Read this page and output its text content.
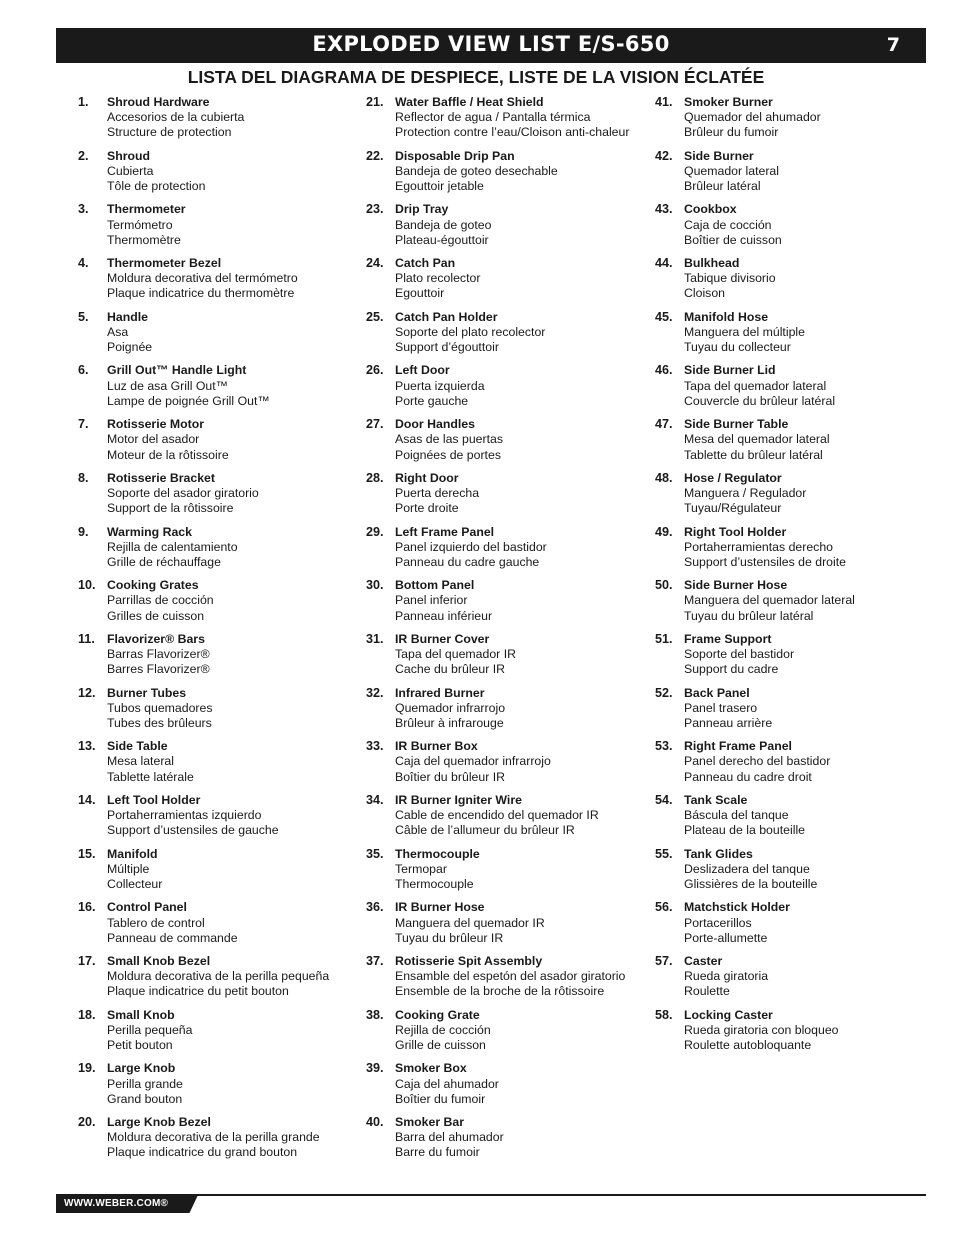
EXPLODED VIEW LIST E/S-650	7
LISTA DEL DIAGRAMA DE DESPIECE, LISTE DE LA VISION ÉCLATÉE
1. Shroud Hardware
Accesorios de la cubierta
Structure de protection
2. Shroud
Cubierta
Tôle de protection
3. Thermometer
Termómetro
Thermomètre
4. Thermometer Bezel
Moldura decorativa del termómetro
Plaque indicatrice du thermomètre
5. Handle
Asa
Poignée
6. Grill Out™ Handle Light
Luz de asa Grill Out™
Lampe de poignée Grill Out™
7. Rotisserie Motor
Motor del asador
Moteur de la rôtissoire
8. Rotisserie Bracket
Soporte del asador giratorio
Support de la rôtissoire
9. Warming Rack
Rejilla de calentamiento
Grille de réchauffage
10. Cooking Grates
Parrillas de cocción
Grilles de cuisson
11. Flavorizer® Bars
Barras Flavorizer®
Barres Flavorizer®
12. Burner Tubes
Tubos quemadores
Tubes des brûleurs
13. Side Table
Mesa lateral
Tablette latérale
14. Left Tool Holder
Portaherramientas izquierdo
Support d’ustensiles de gauche
15. Manifold
Múltiple
Collecteur
16. Control Panel
Tablero de control
Panneau de commande
17. Small Knob Bezel
Moldura decorativa de la perilla pequeña
Plaque indicatrice du petit bouton
18. Small Knob
Perilla pequeña
Petit bouton
19. Large Knob
Perilla grande
Grand bouton
20. Large Knob Bezel
Moldura decorativa de la perilla grande
Plaque indicatrice du grand bouton
21. Water Baffle / Heat Shield
Reflector de agua / Pantalla térmica
Protection contre l’eau/Cloison anti-chaleur
22. Disposable Drip Pan
Bandeja de goteo desechable
Egouttoir jetable
23. Drip Tray
Bandeja de goteo
Plateau-égouttoir
24. Catch Pan
Plato recolector
Egouttoir
25. Catch Pan Holder
Soporte del plato recolector
Support d’égouttoir
26. Left Door
Puerta izquierda
Porte gauche
27. Door Handles
Asas de las puertas
Poignées de portes
28. Right Door
Puerta derecha
Porte droite
29. Left Frame Panel
Panel izquierdo del bastidor
Panneau du cadre gauche
30. Bottom Panel
Panel inferior
Panneau inférieur
31. IR Burner Cover
Tapa del quemador IR
Cache du brûleur IR
32. Infrared Burner
Quemador infrarrojo
Brûleur à infrarouge
33. IR Burner Box
Caja del quemador infrarrojo
Boîtier du brûleur IR
34. IR Burner Igniter Wire
Cable de encendido del quemador IR
Câble de l’allumeur du brûleur IR
35. Thermocouple
Termopar
Thermocouple
36. IR Burner Hose
Manguera del quemador IR
Tuyau du brûleur IR
37. Rotisserie Spit Assembly
Ensamble del espetón del asador giratorio
Ensemble de la broche de la rôtissoire
38. Cooking Grate
Rejilla de cocción
Grille de cuisson
39. Smoker Box
Caja del ahumador
Boîtier du fumoir
40. Smoker Bar
Barra del ahumador
Barre du fumoir
41. Smoker Burner
Quemador del ahumador
Brûleur du fumoir
42. Side Burner
Quemador lateral
Brûleur latéral
43. Cookbox
Caja de cocción
Boîtier de cuisson
44. Bulkhead
Tabique divisorio
Cloison
45. Manifold Hose
Manguera del múltiple
Tuyau du collecteur
46. Side Burner Lid
Tapa del quemador lateral
Couvercle du brûleur latéral
47. Side Burner Table
Mesa del quemador lateral
Tablette du brûleur latéral
48. Hose / Regulator
Manguera / Regulador
Tuyau/Régulateur
49. Right Tool Holder
Portaherramientas derecho
Support d’ustensiles de droite
50. Side Burner Hose
Manguera del quemador lateral
Tuyau du brûleur latéral
51. Frame Support
Soporte del bastidor
Support du cadre
52. Back Panel
Panel trasero
Panneau arrière
53. Right Frame Panel
Panel derecho del bastidor
Panneau du cadre droit
54. Tank Scale
Báscula del tanque
Plateau de la bouteille
55. Tank Glides
Deslizadera del tanque
Glissières de la bouteille
56. Matchstick Holder
Portacerillos
Porte-allumette
57. Caster
Rueda giratoria
Roulette
58. Locking Caster
Rueda giratoria con bloqueo
Roulette autobloquante
WWW.WEBER.COM®
